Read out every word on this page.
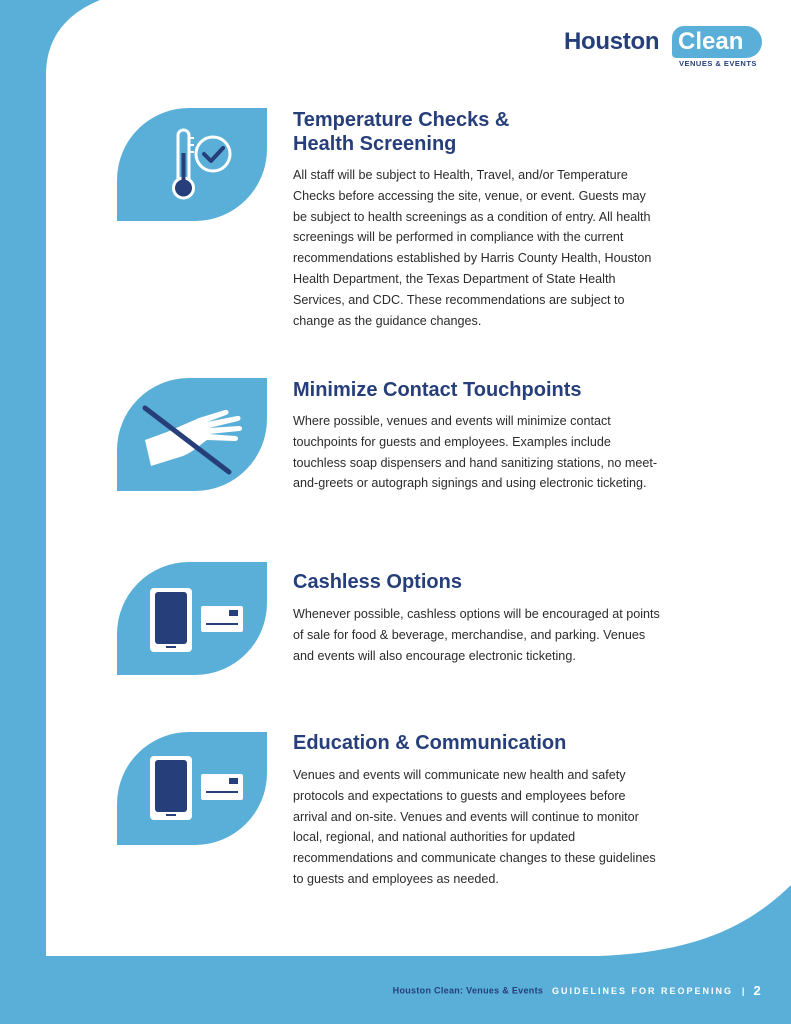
Houston Clean
VENUES & EVENTS
Temperature Checks &
Health Screening

All staff will be subject to Health, Travel, and/or Temperature Checks before accessing the site, venue, or event. Guests may be subject to health screenings as a condition of entry. All health screenings will be performed in compliance with the current recommendations established by Harris County Health, Houston Health Department, the Texas Department of State Health Services, and CDC. These recommendations are subject to change as the guidance changes.

Minimize Contact Touchpoints

Where possible, venues and events will minimize contact touchpoints for guests and employees. Examples include touchless soap dispensers and hand sanitizing stations, no meet-and-greets or autograph signings and using electronic ticketing.

Cashless Options

Whenever possible, cashless options will be encouraged at points of sale for food & beverage, merchandise, and parking. Venues and events will also encourage electronic ticketing.

Education & Communication

Venues and events will communicate new health and safety protocols and expectations to guests and employees before arrival and on-site. Venues and events will continue to monitor local, regional, and national authorities for updated recommendations and communicate changes to these guidelines to guests and employees as needed.

Houston Clean: Venues & Events GUIDELINES FOR REOPENING | 2
